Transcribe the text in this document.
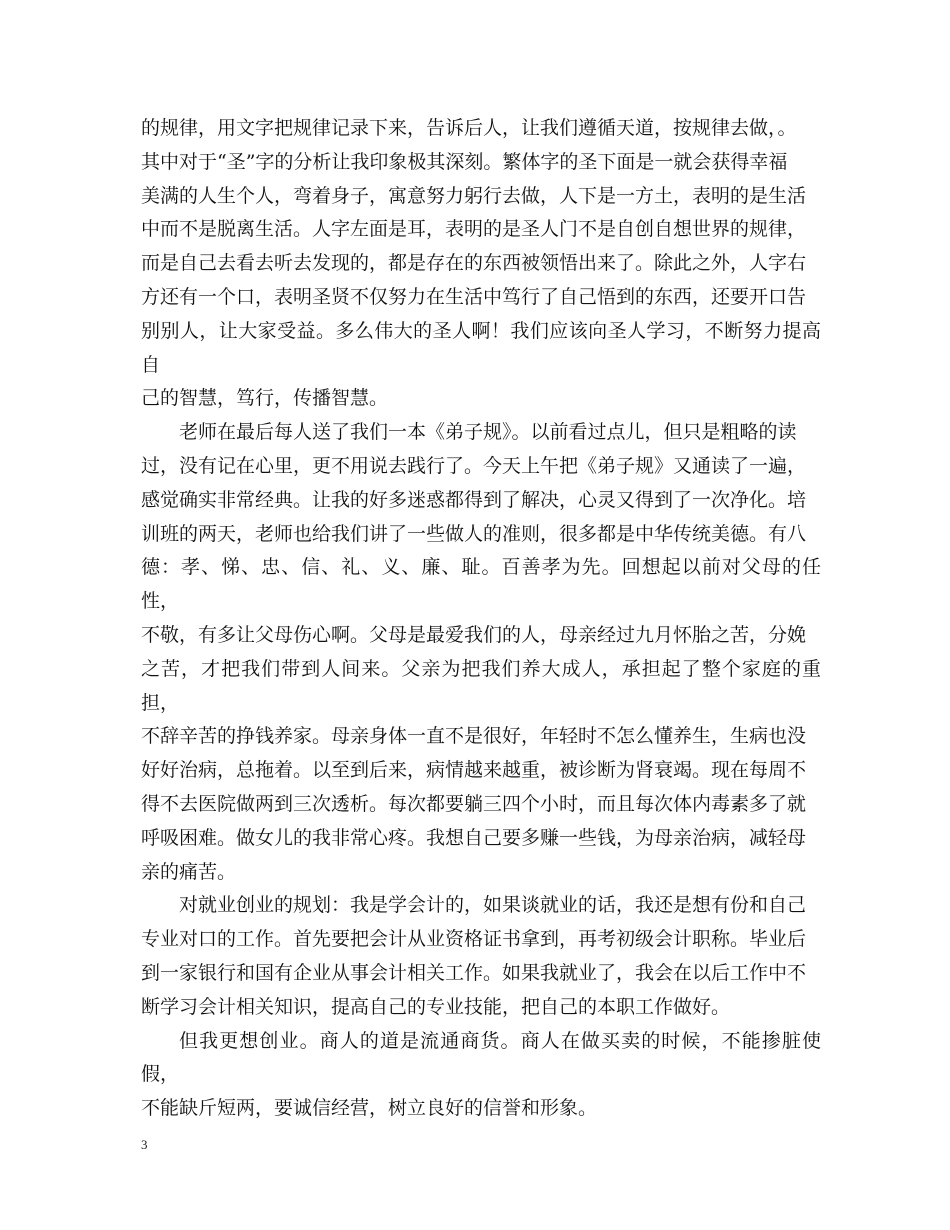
的规律，用文字把规律记录下来，告诉后人，让我们遵循天道，按规律去做，。
其中对于“圣”字的分析让我印象极其深刻。繁体字的圣下面是一就会获得幸福
美满的人生个人，弯着身子，寓意努力躬行去做，人下是一方土，表明的是生活
中而不是脱离生活。人字左面是耳，表明的是圣人门不是自创自想世界的规律，
而是自己去看去听去发现的，都是存在的东西被领悟出来了。除此之外，人字右
方还有一个口，表明圣贤不仅努力在生活中笃行了自己悟到的东西，还要开口告
别别人，让大家受益。多么伟大的圣人啊！我们应该向圣人学习，不断努力提高自
己的智慧，笃行，传播智慧。

老师在最后每人送了我们一本《弟子规》。以前看过点儿，但只是粗略的读
过，没有记在心里，更不用说去践行了。今天上午把《弟子规》又通读了一遍，
感觉确实非常经典。让我的好多迷惑都得到了解决，心灵又得到了一次净化。培
训班的两天，老师也给我们讲了一些做人的准则，很多都是中华传统美德。有八
德：孝、悌、忠、信、礼、义、廉、耻。百善孝为先。回想起以前对父母的任性，
不敬，有多让父母伤心啊。父母是最爱我们的人，母亲经过九月怀胎之苦，分娩
之苦，才把我们带到人间来。父亲为把我们养大成人，承担起了整个家庭的重担，
不辞辛苦的挣钱养家。母亲身体一直不是很好，年轻时不怎么懂养生，生病也没
好好治病，总拖着。以至到后来，病情越来越重，被诊断为肾衰竭。现在每周不
得不去医院做两到三次透析。每次都要躺三四个小时，而且每次体内毒素多了就
呼吸困难。做女儿的我非常心疼。我想自己要多赚一些钱，为母亲治病，减轻母
亲的痛苦。

对就业创业的规划：我是学会计的，如果谈就业的话，我还是想有份和自己
专业对口的工作。首先要把会计从业资格证书拿到，再考初级会计职称。毕业后
到一家银行和国有企业从事会计相关工作。如果我就业了，我会在以后工作中不
断学习会计相关知识，提高自己的专业技能，把自己的本职工作做好。

但我更想创业。商人的道是流通商货。商人在做买卖的时候，不能掺脏使假，
不能缺斤短两，要诚信经营，树立良好的信誉和形象。

3
